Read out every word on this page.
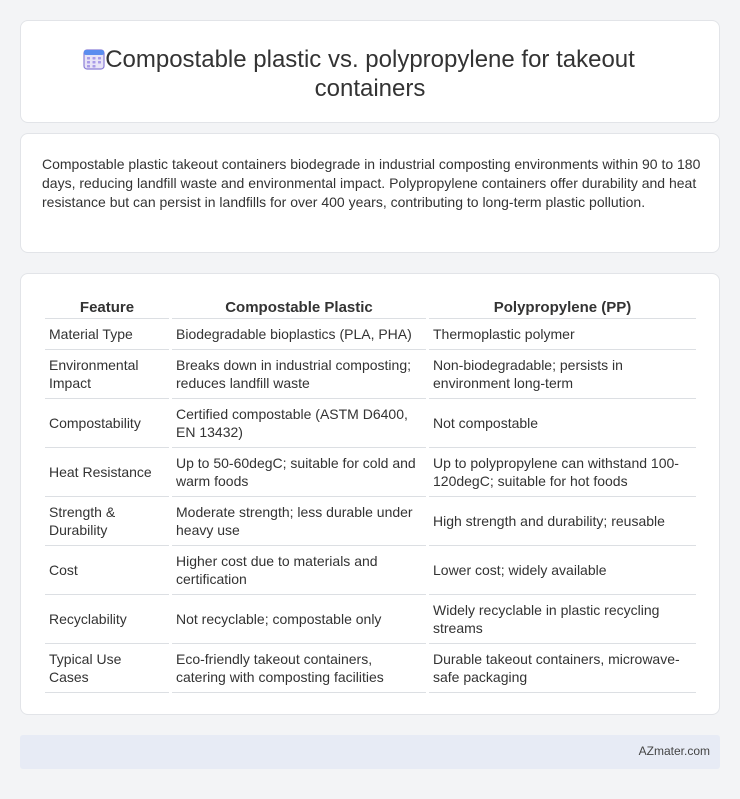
Compostable plastic vs. polypropylene for takeout containers

Compostable plastic takeout containers biodegrade in industrial composting environments within 90 to 180 days, reducing landfill waste and environmental impact. Polypropylene containers offer durability and heat resistance but can persist in landfills for over 400 years, contributing to long-term plastic pollution.

Feature	Compostable Plastic	Polypropylene (PP)
Material Type	Biodegradable bioplastics (PLA, PHA)	Thermoplastic polymer
Environmental Impact	Breaks down in industrial composting; reduces landfill waste	Non-biodegradable; persists in environment long-term
Compostability	Certified compostable (ASTM D6400, EN 13432)	Not compostable
Heat Resistance	Up to 50-60degC; suitable for cold and warm foods	Up to polypropylene can withstand 100-120degC; suitable for hot foods
Strength & Durability	Moderate strength; less durable under heavy use	High strength and durability; reusable
Cost	Higher cost due to materials and certification	Lower cost; widely available
Recyclability	Not recyclable; compostable only	Widely recyclable in plastic recycling streams
Typical Use Cases	Eco-friendly takeout containers, catering with composting facilities	Durable takeout containers, microwave-safe packaging
AZmater.com
